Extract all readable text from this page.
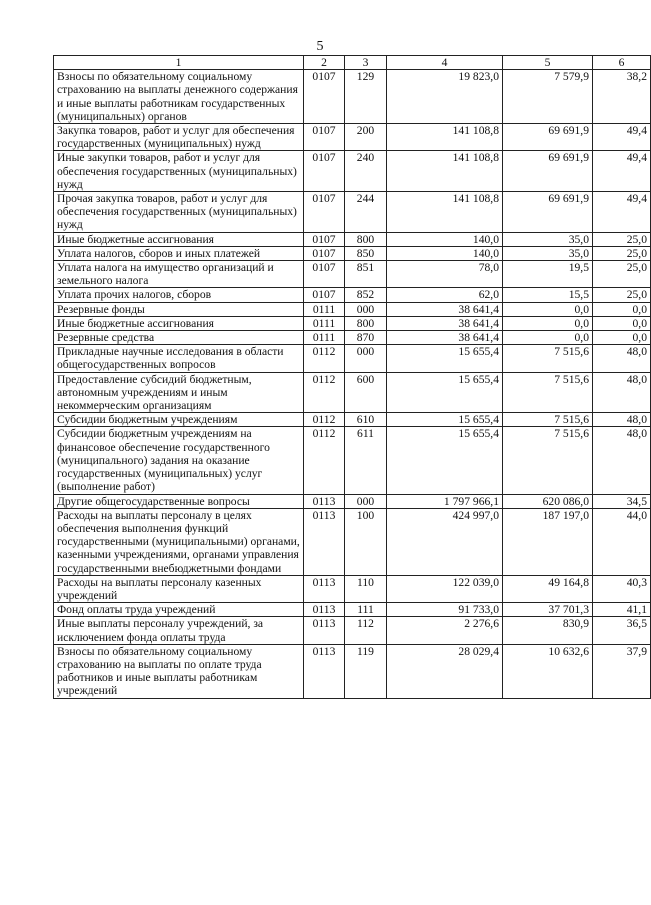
5
1	2	3	4	5	6
Взносы по обязательному социальному страхованию на выплаты денежного содержания и иные выплаты работникам государственных (муниципальных) органов	0107	129	19 823,0	7 579,9	38,2
Закупка товаров, работ и услуг для обеспечения государственных (муниципальных) нужд	0107	200	141 108,8	69 691,9	49,4
Иные закупки товаров, работ и услуг для обеспечения государственных (муниципальных) нужд	0107	240	141 108,8	69 691,9	49,4
Прочая закупка товаров, работ и услуг для обеспечения государственных (муниципальных) нужд	0107	244	141 108,8	69 691,9	49,4
Иные бюджетные ассигнования	0107	800	140,0	35,0	25,0
Уплата налогов, сборов и иных платежей	0107	850	140,0	35,0	25,0
Уплата налога на имущество организаций и земельного налога	0107	851	78,0	19,5	25,0
Уплата прочих налогов, сборов	0107	852	62,0	15,5	25,0
Резервные фонды	0111	000	38 641,4	0,0	0,0
Иные бюджетные ассигнования	0111	800	38 641,4	0,0	0,0
Резервные средства	0111	870	38 641,4	0,0	0,0
Прикладные научные исследования в области общегосударственных вопросов	0112	000	15 655,4	7 515,6	48,0
Предоставление субсидий бюджетным, автономным учреждениям и иным некоммерческим организациям	0112	600	15 655,4	7 515,6	48,0
Субсидии бюджетным учреждениям	0112	610	15 655,4	7 515,6	48,0
Субсидии бюджетным учреждениям на финансовое обеспечение государственного (муниципального) задания на оказание государственных (муниципальных) услуг (выполнение работ)	0112	611	15 655,4	7 515,6	48,0
Другие общегосударственные вопросы	0113	000	1 797 966,1	620 086,0	34,5
Расходы на выплаты персоналу в целях обеспечения выполнения функций государственными (муниципальными) органами, казенными учреждениями, органами управления государственными внебюджетными фондами	0113	100	424 997,0	187 197,0	44,0
Расходы на выплаты персоналу казенных учреждений	0113	110	122 039,0	49 164,8	40,3
Фонд оплаты труда учреждений	0113	111	91 733,0	37 701,3	41,1
Иные выплаты персоналу учреждений, за исключением фонда оплаты труда	0113	112	2 276,6	830,9	36,5
Взносы по обязательному социальному страхованию на выплаты по оплате труда работников и иные выплаты работникам учреждений	0113	119	28 029,4	10 632,6	37,9
